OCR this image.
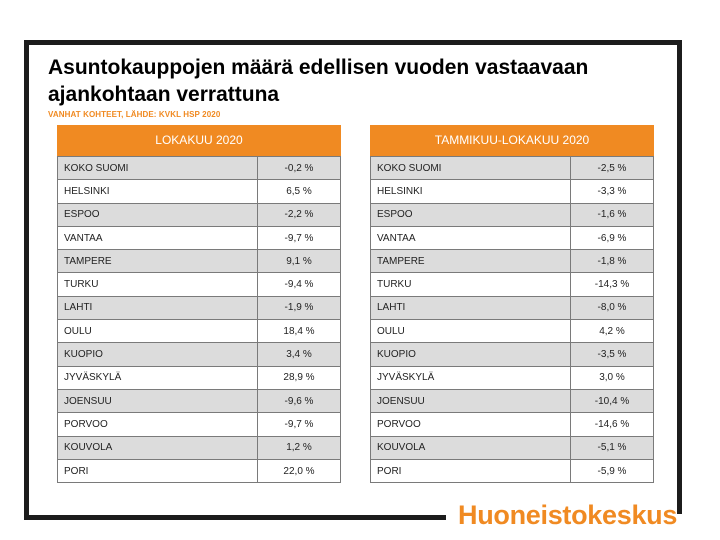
Asuntokauppojen määrä edellisen vuoden vastaavaan ajankohtaan verrattuna
VANHAT KOHTEET, LÄHDE: KVKL HSP 2020
LOKAKUU 2020
KOKO SUOMI	-0,2 %
HELSINKI	6,5 %
ESPOO	-2,2 %
VANTAA	-9,7 %
TAMPERE	9,1 %
TURKU	-9,4 %
LAHTI	-1,9 %
OULU	18,4 %
KUOPIO	3,4 %
JYVÄSKYLÄ	28,9 %
JOENSUU	-9,6 %
PORVOO	-9,7 %
KOUVOLA	1,2 %
PORI	22,0 %
TAMMIKUU-LOKAKUU 2020
KOKO SUOMI	-2,5 %
HELSINKI	-3,3 %
ESPOO	-1,6 %
VANTAA	-6,9 %
TAMPERE	-1,8 %
TURKU	-14,3 %
LAHTI	-8,0 %
OULU	4,2 %
KUOPIO	-3,5 %
JYVÄSKYLÄ	3,0 %
JOENSUU	-10,4 %
PORVOO	-14,6 %
KOUVOLA	-5,1 %
PORI	-5,9 %
Huoneistokeskus
